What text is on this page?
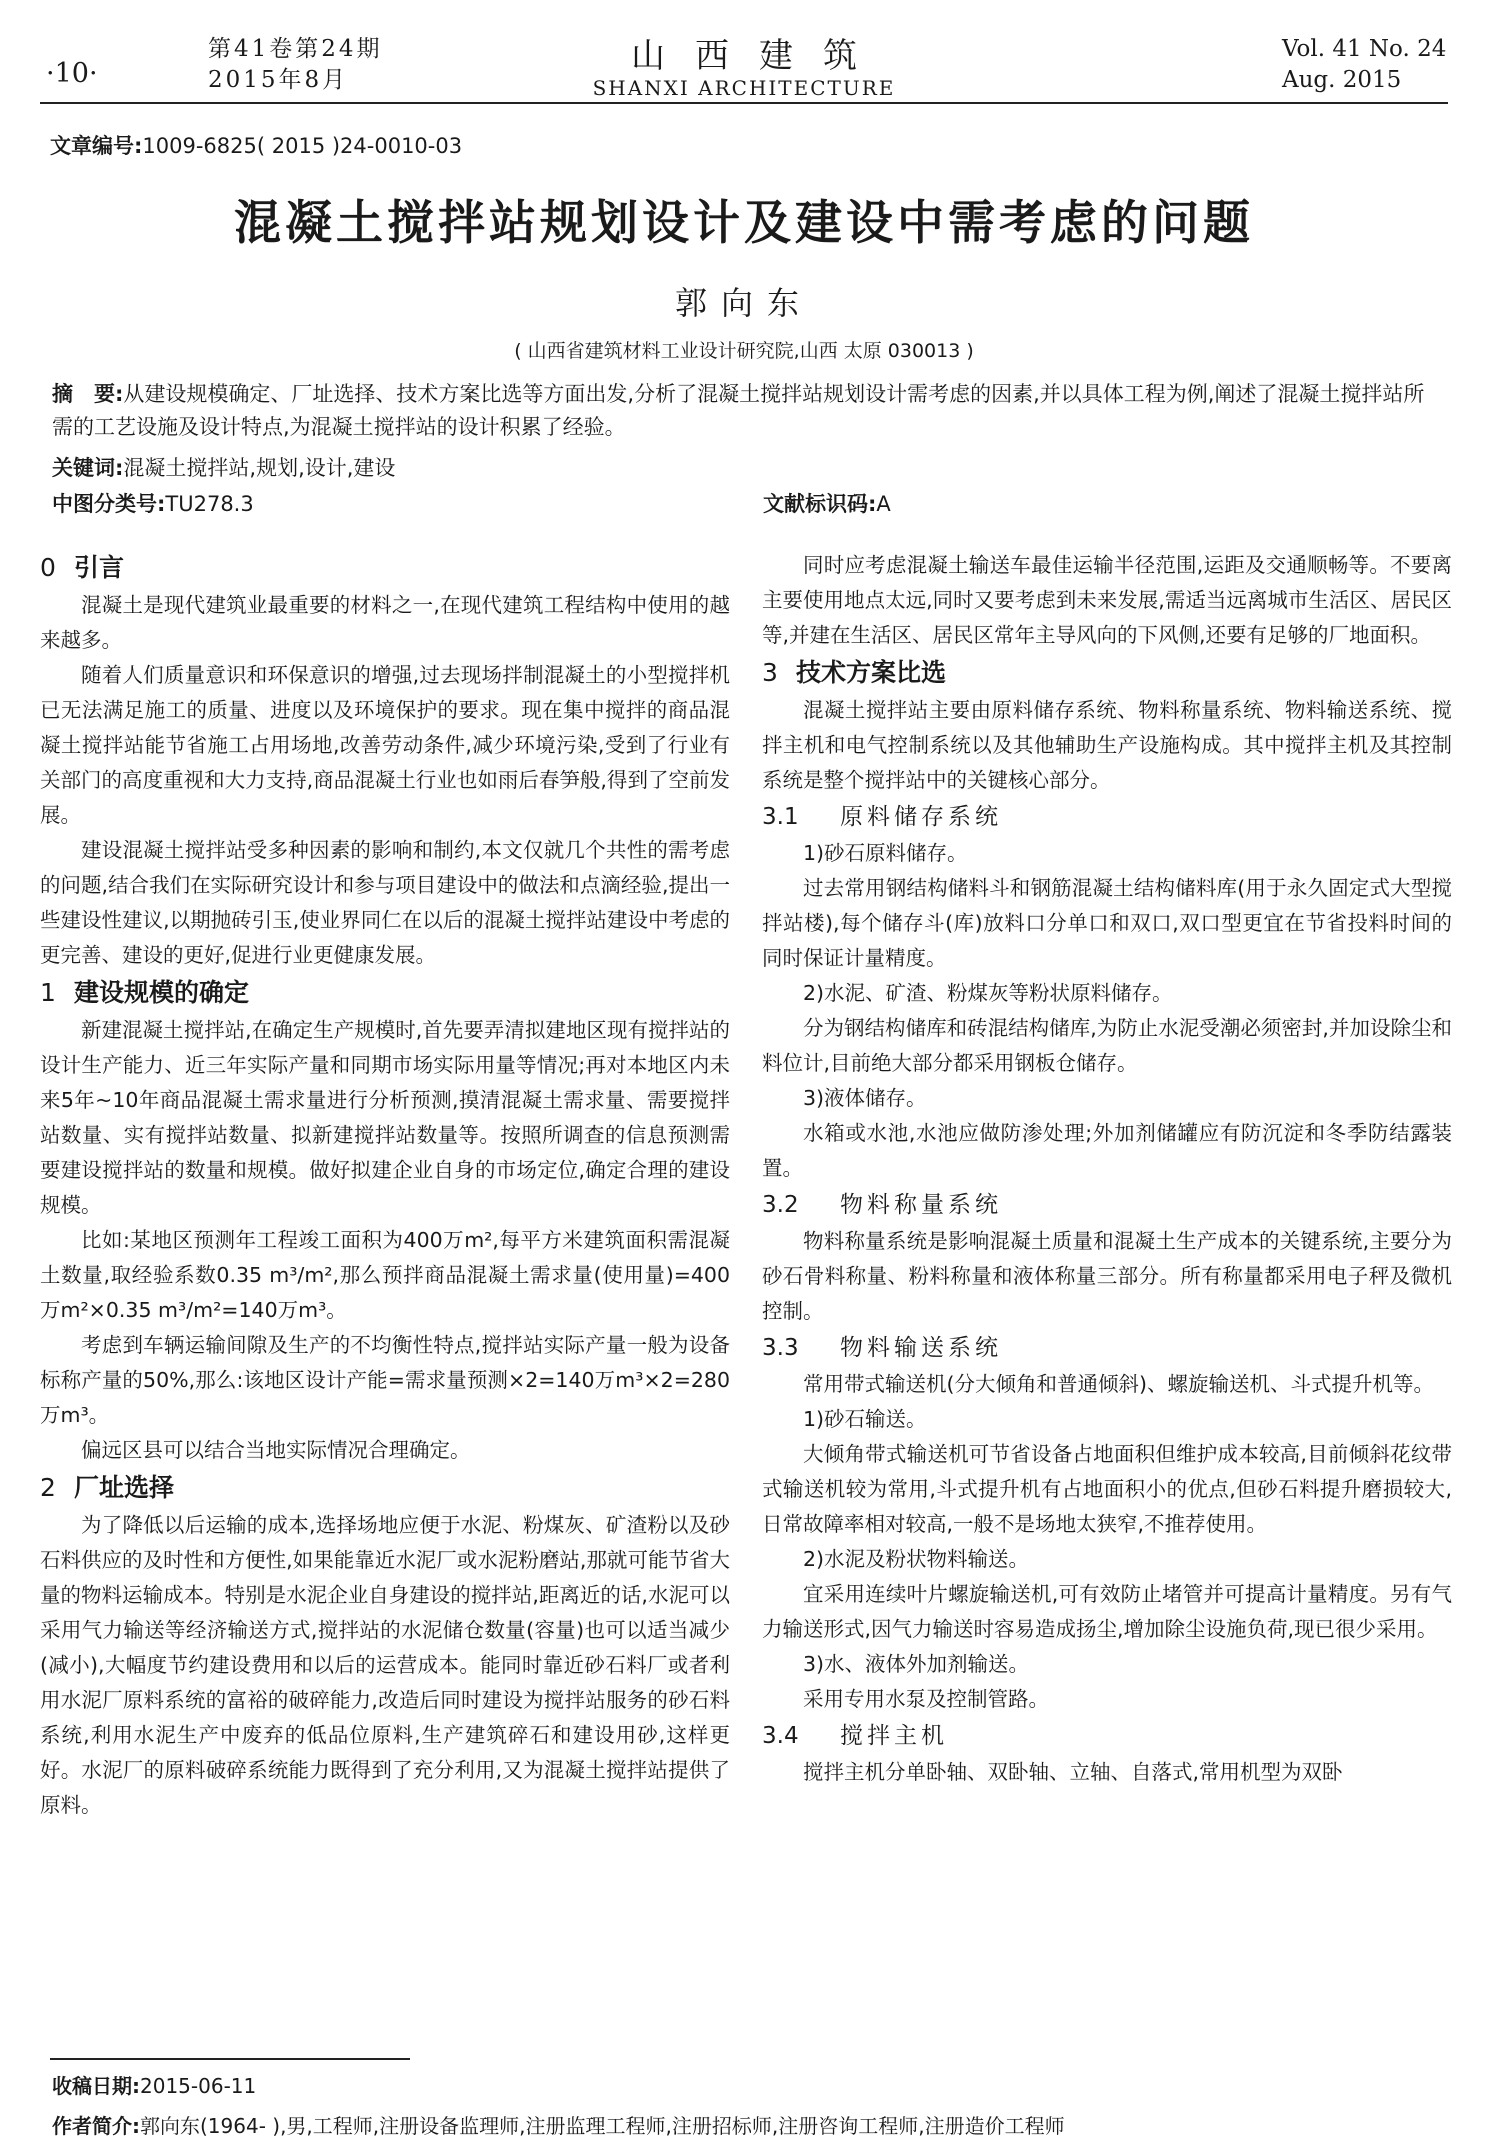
·10·
第41卷第24期
2015年8月
山西建筑
SHANXI ARCHITECTURE
Vol. 41 No. 24
Aug. 2015
文章编号:1009-6825( 2015 )24-0010-03
混凝土搅拌站规划设计及建设中需考虑的问题
郭向东
( 山西省建筑材料工业设计研究院,山西 太原 030013 )
摘　要:从建设规模确定、厂址选择、技术方案比选等方面出发,分析了混凝土搅拌站规划设计需考虑的因素,并以具体工程为例,阐述了混凝土搅拌站所需的工艺设施及设计特点,为混凝土搅拌站的设计积累了经验。
关键词:混凝土搅拌站,规划,设计,建设
中图分类号:TU278.3	文献标识码:A
0 引言
混凝土是现代建筑业最重要的材料之一,在现代建筑工程结构中使用的越来越多。
随着人们质量意识和环保意识的增强,过去现场拌制混凝土的小型搅拌机已无法满足施工的质量、进度以及环境保护的要求。现在集中搅拌的商品混凝土搅拌站能节省施工占用场地,改善劳动条件,减少环境污染,受到了行业有关部门的高度重视和大力支持,商品混凝土行业也如雨后春笋般,得到了空前发展。
建设混凝土搅拌站受多种因素的影响和制约,本文仅就几个共性的需考虑的问题,结合我们在实际研究设计和参与项目建设中的做法和点滴经验,提出一些建设性建议,以期抛砖引玉,使业界同仁在以后的混凝土搅拌站建设中考虑的更完善、建设的更好,促进行业更健康发展。
1 建设规模的确定
新建混凝土搅拌站,在确定生产规模时,首先要弄清拟建地区现有搅拌站的设计生产能力、近三年实际产量和同期市场实际用量等情况;再对本地区内未来5年~10年商品混凝土需求量进行分析预测,摸清混凝土需求量、需要搅拌站数量、实有搅拌站数量、拟新建搅拌站数量等。按照所调查的信息预测需要建设搅拌站的数量和规模。做好拟建企业自身的市场定位,确定合理的建设规模。
比如:某地区预测年工程竣工面积为400万m²,每平方米建筑面积需混凝土数量,取经验系数0.35 m³/m²,那么预拌商品混凝土需求量(使用量)=400万m²×0.35 m³/m²=140万m³。
考虑到车辆运输间隙及生产的不均衡性特点,搅拌站实际产量一般为设备标称产量的50%,那么:该地区设计产能=需求量预测×2=140万m³×2=280万m³。
偏远区县可以结合当地实际情况合理确定。
2 厂址选择
为了降低以后运输的成本,选择场地应便于水泥、粉煤灰、矿渣粉以及砂石料供应的及时性和方便性,如果能靠近水泥厂或水泥粉磨站,那就可能节省大量的物料运输成本。特别是水泥企业自身建设的搅拌站,距离近的话,水泥可以采用气力输送等经济输送方式,搅拌站的水泥储仓数量(容量)也可以适当减少(减小),大幅度节约建设费用和以后的运营成本。能同时靠近砂石料厂或者利用水泥厂原料系统的富裕的破碎能力,改造后同时建设为搅拌站服务的砂石料系统,利用水泥生产中废弃的低品位原料,生产建筑碎石和建设用砂,这样更好。水泥厂的原料破碎系统能力既得到了充分利用,又为混凝土搅拌站提供了原料。
同时应考虑混凝土输送车最佳运输半径范围,运距及交通顺畅等。不要离主要使用地点太远,同时又要考虑到未来发展,需适当远离城市生活区、居民区等,并建在生活区、居民区常年主导风向的下风侧,还要有足够的厂地面积。
3 技术方案比选
混凝土搅拌站主要由原料储存系统、物料称量系统、物料输送系统、搅拌主机和电气控制系统以及其他辅助生产设施构成。其中搅拌主机及其控制系统是整个搅拌站中的关键核心部分。
3.1 原料储存系统
1)砂石原料储存。
过去常用钢结构储料斗和钢筋混凝土结构储料库(用于永久固定式大型搅拌站楼),每个储存斗(库)放料口分单口和双口,双口型更宜在节省投料时间的同时保证计量精度。
2)水泥、矿渣、粉煤灰等粉状原料储存。
分为钢结构储库和砖混结构储库,为防止水泥受潮必须密封,并加设除尘和料位计,目前绝大部分都采用钢板仓储存。
3)液体储存。
水箱或水池,水池应做防渗处理;外加剂储罐应有防沉淀和冬季防结露装置。
3.2 物料称量系统
物料称量系统是影响混凝土质量和混凝土生产成本的关键系统,主要分为砂石骨料称量、粉料称量和液体称量三部分。所有称量都采用电子秤及微机控制。
3.3 物料输送系统
常用带式输送机(分大倾角和普通倾斜)、螺旋输送机、斗式提升机等。
1)砂石输送。
大倾角带式输送机可节省设备占地面积但维护成本较高,目前倾斜花纹带式输送机较为常用,斗式提升机有占地面积小的优点,但砂石料提升磨损较大,日常故障率相对较高,一般不是场地太狭窄,不推荐使用。
2)水泥及粉状物料输送。
宜采用连续叶片螺旋输送机,可有效防止堵管并可提高计量精度。另有气力输送形式,因气力输送时容易造成扬尘,增加除尘设施负荷,现已很少采用。
3)水、液体外加剂输送。
采用专用水泵及控制管路。
3.4 搅拌主机
搅拌主机分单卧轴、双卧轴、立轴、自落式,常用机型为双卧
收稿日期:2015-06-11
作者简介:郭向东(1964- ),男,工程师,注册设备监理师,注册监理工程师,注册招标师,注册咨询工程师,注册造价工程师
